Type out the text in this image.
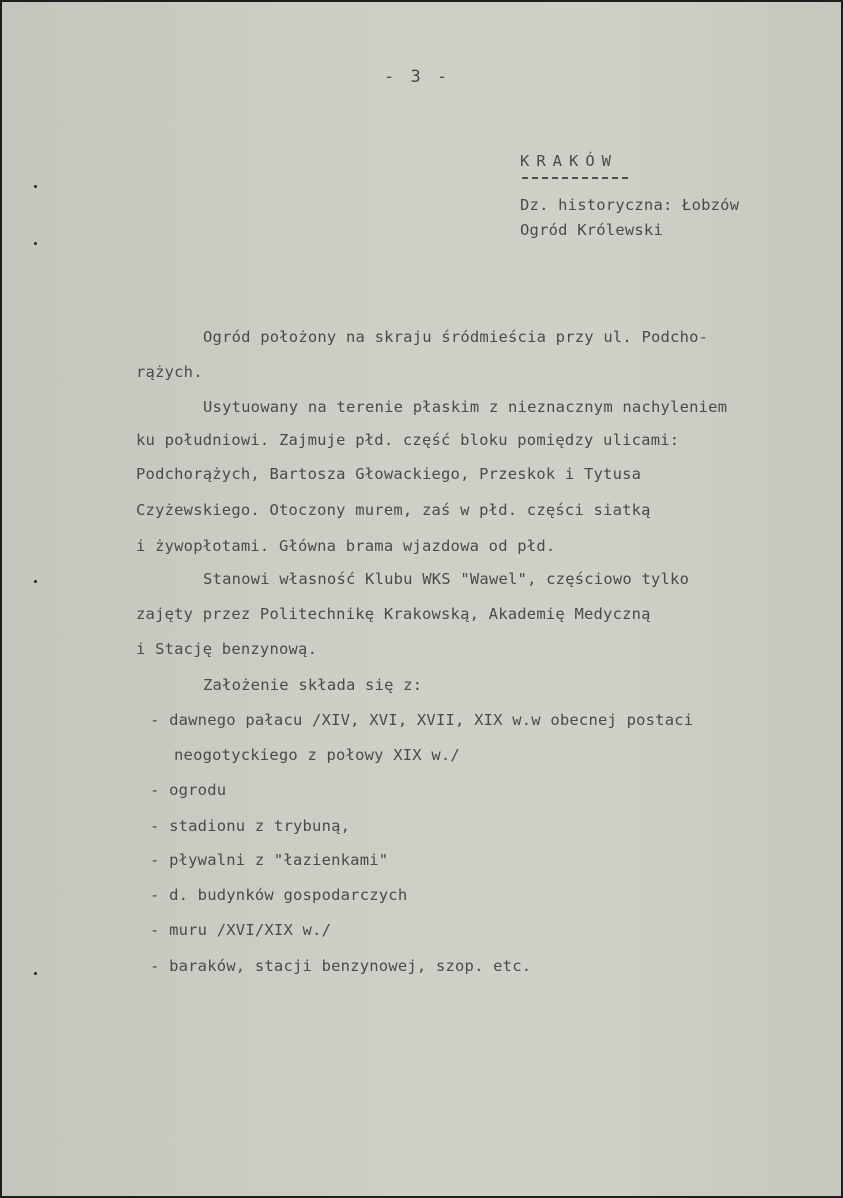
- 3 -
KRAKÓW
Dz. historyczna: Łobzów
Ogród Królewski
Ogród położony na skraju śródmieścia przy ul. Podcho-
rążych.
Usytuowany na terenie płaskim z nieznacznym nachyleniem
ku południowi. Zajmuje płd. część bloku pomiędzy ulicami:
Podchorążych, Bartosza Głowackiego, Przeskok i Tytusa
Czyżewskiego. Otoczony murem, zaś w płd. części siatką
i żywopłotami. Główna brama wjazdowa od płd.
Stanowi własność Klubu WKS "Wawel", częściowo tylko
zajęty przez Politechnikę Krakowską, Akademię Medyczną
i Stację benzynową.
Założenie składa się z:
- dawnego pałacu /XIV, XVI, XVII, XIX w.w obecnej postaci
neogotyckiego z połowy XIX w./
- ogrodu
- stadionu z trybuną,
- pływalni z "łazienkami"
- d. budynków gospodarczych
- muru /XVI/XIX w./
- baraków, stacji benzynowej, szop. etc.
